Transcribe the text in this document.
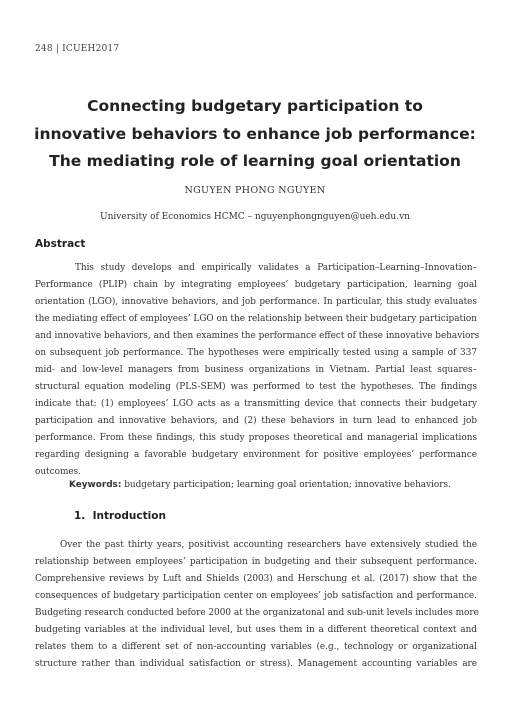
248 | ICUEH2017
Connecting budgetary participation to
innovative behaviors to enhance job performance:
The mediating role of learning goal orientation
NGUYEN PHONG NGUYEN
University of Economics HCMC – nguyenphongnguyen@ueh.edu.vn
Abstract
This study develops and empirically validates a Participation–Learning–Innovation–
Performance (PLIP) chain by integrating employees’ budgetary participation, learning goal
orientation (LGO), innovative behaviors, and job performance. In particular, this study evaluates
the mediating effect of employees’ LGO on the relationship between their budgetary participation
and innovative behaviors, and then examines the performance effect of these innovative behaviors
on subsequent job performance. The hypotheses were empirically tested using a sample of 337
mid- and low-level managers from business organizations in Vietnam. Partial least squares–
structural equation modeling (PLS-SEM) was performed to test the hypotheses. The findings
indicate that: (1) employees’ LGO acts as a transmitting device that connects their budgetary
participation and innovative behaviors, and (2) these behaviors in turn lead to enhanced job
performance. From these findings, this study proposes theoretical and managerial implications
regarding designing a favorable budgetary environment for positive employees’ performance
outcomes.
Keywords: budgetary participation; learning goal orientation; innovative behaviors.
1.  Introduction
Over the past thirty years, positivist accounting researchers have extensively studied the
relationship between employees’ participation in budgeting and their subsequent performance.
Comprehensive reviews by Luft and Shields (2003) and Herschung et al. (2017) show that the
consequences of budgetary participation center on employees’ job satisfaction and performance.
Budgeting research conducted before 2000 at the organizatonal and sub-unit levels includes more
budgeting variables at the individual level, but uses them in a different theoretical context and
relates them to a different set of non-accounting variables (e.g., technology or organizational
structure rather than individual satisfaction or stress). Management accounting variables are
